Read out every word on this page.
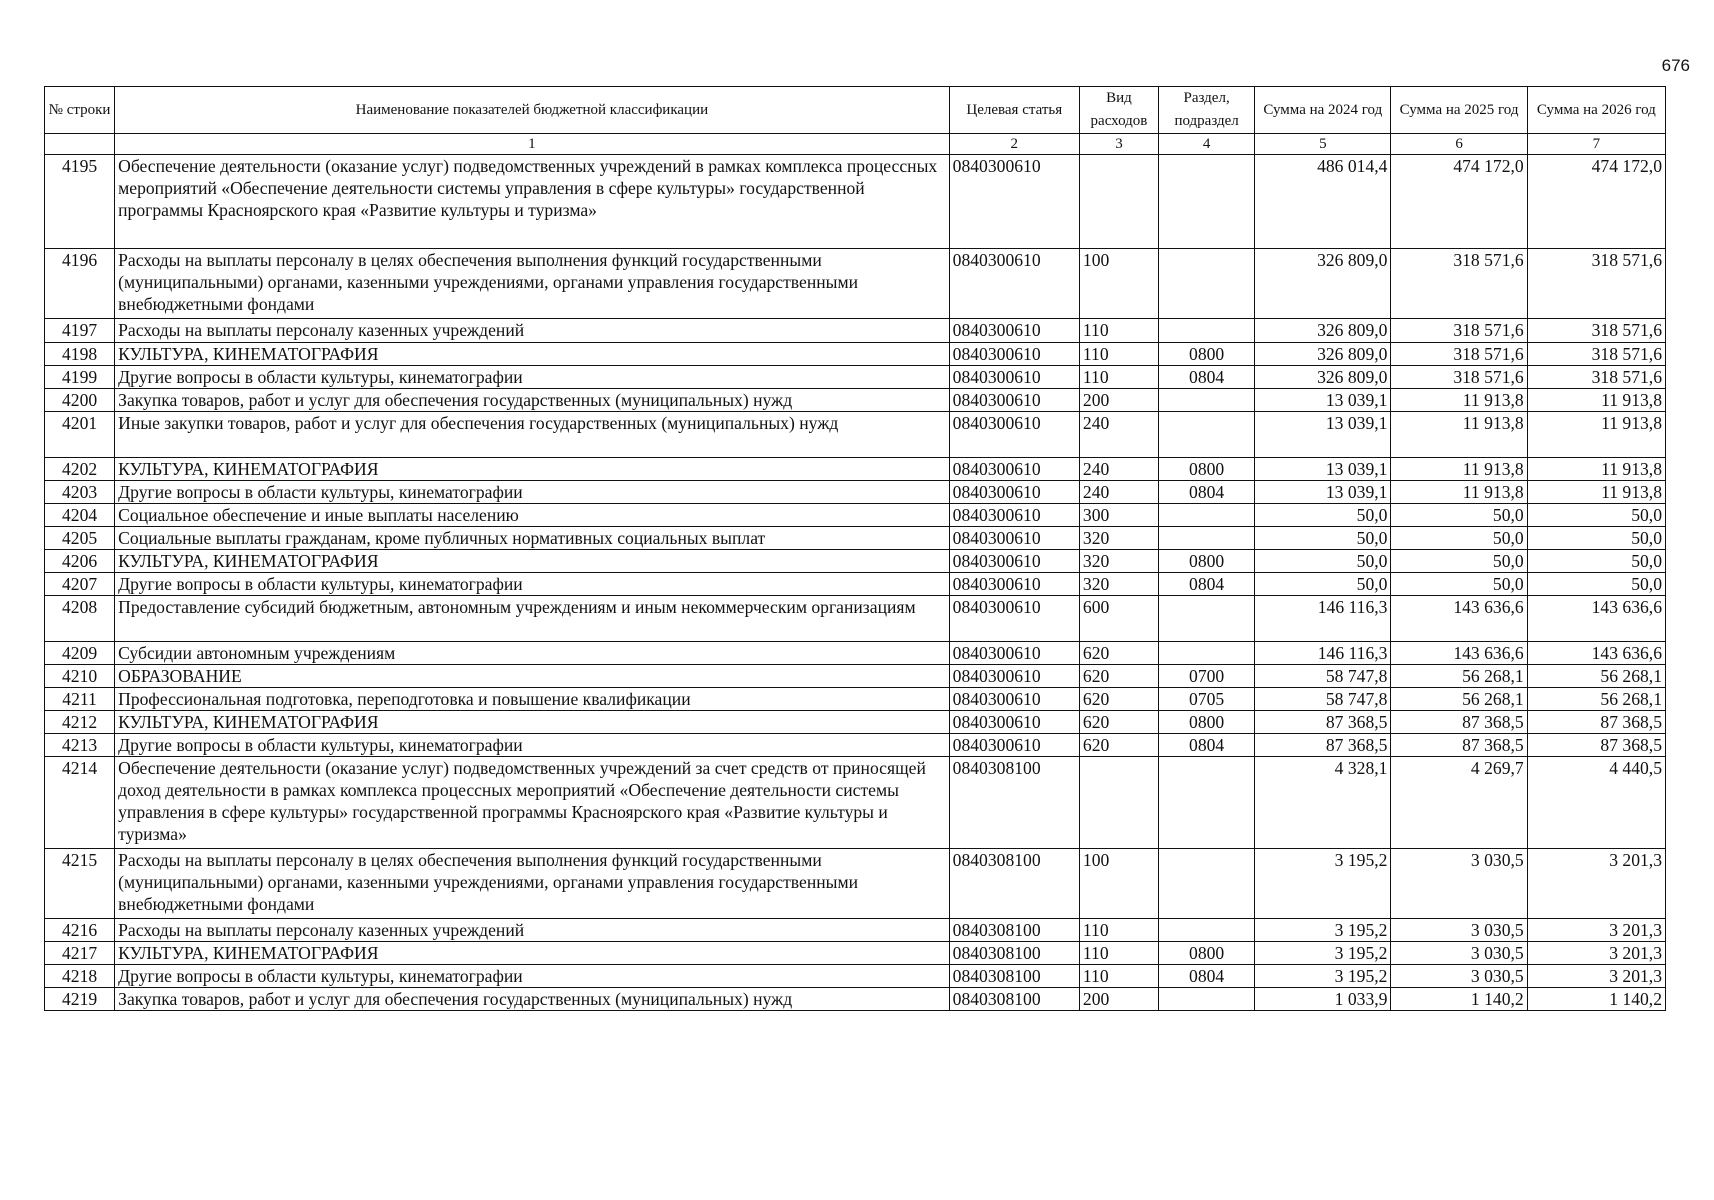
676
№ строки	Наименование показателей бюджетной классификации	Целевая статья	Вид расходов	Раздел, подраздел	Сумма на 2024 год	Сумма на 2025 год	Сумма на 2026 год
	1	2	3	4	5	6	7
4195	Обеспечение деятельности (оказание услуг) подведомственных учреждений в рамках комплекса процессных мероприятий «Обеспечение деятельности системы управления в сфере культуры» государственной программы Красноярского края «Развитие культуры и туризма»	0840300610			486 014,4	474 172,0	474 172,0
4196	Расходы на выплаты персоналу в целях обеспечения выполнения функций государственными (муниципальными) органами, казенными учреждениями, органами управления государственными внебюджетными фондами	0840300610	100		326 809,0	318 571,6	318 571,6
4197	Расходы на выплаты персоналу казенных учреждений	0840300610	110		326 809,0	318 571,6	318 571,6
4198	КУЛЬТУРА, КИНЕМАТОГРАФИЯ	0840300610	110	0800	326 809,0	318 571,6	318 571,6
4199	Другие вопросы в области культуры, кинематографии	0840300610	110	0804	326 809,0	318 571,6	318 571,6
4200	Закупка товаров, работ и услуг для обеспечения государственных (муниципальных) нужд	0840300610	200		13 039,1	11 913,8	11 913,8
4201	Иные закупки товаров, работ и услуг для обеспечения государственных (муниципальных) нужд	0840300610	240		13 039,1	11 913,8	11 913,8
4202	КУЛЬТУРА, КИНЕМАТОГРАФИЯ	0840300610	240	0800	13 039,1	11 913,8	11 913,8
4203	Другие вопросы в области культуры, кинематографии	0840300610	240	0804	13 039,1	11 913,8	11 913,8
4204	Социальное обеспечение и иные выплаты населению	0840300610	300		50,0	50,0	50,0
4205	Социальные выплаты гражданам, кроме публичных нормативных социальных выплат	0840300610	320		50,0	50,0	50,0
4206	КУЛЬТУРА, КИНЕМАТОГРАФИЯ	0840300610	320	0800	50,0	50,0	50,0
4207	Другие вопросы в области культуры, кинематографии	0840300610	320	0804	50,0	50,0	50,0
4208	Предоставление субсидий бюджетным, автономным учреждениям и иным некоммерческим организациям	0840300610	600		146 116,3	143 636,6	143 636,6
4209	Субсидии автономным учреждениям	0840300610	620		146 116,3	143 636,6	143 636,6
4210	ОБРАЗОВАНИЕ	0840300610	620	0700	58 747,8	56 268,1	56 268,1
4211	Профессиональная подготовка, переподготовка и повышение квалификации	0840300610	620	0705	58 747,8	56 268,1	56 268,1
4212	КУЛЬТУРА, КИНЕМАТОГРАФИЯ	0840300610	620	0800	87 368,5	87 368,5	87 368,5
4213	Другие вопросы в области культуры, кинематографии	0840300610	620	0804	87 368,5	87 368,5	87 368,5
4214	Обеспечение деятельности (оказание услуг) подведомственных учреждений за счет средств от приносящей доход деятельности в рамках комплекса процессных мероприятий «Обеспечение деятельности системы управления в сфере культуры» государственной программы Красноярского края «Развитие культуры и туризма»	0840308100			4 328,1	4 269,7	4 440,5
4215	Расходы на выплаты персоналу в целях обеспечения выполнения функций государственными (муниципальными) органами, казенными учреждениями, органами управления государственными внебюджетными фондами	0840308100	100		3 195,2	3 030,5	3 201,3
4216	Расходы на выплаты персоналу казенных учреждений	0840308100	110		3 195,2	3 030,5	3 201,3
4217	КУЛЬТУРА, КИНЕМАТОГРАФИЯ	0840308100	110	0800	3 195,2	3 030,5	3 201,3
4218	Другие вопросы в области культуры, кинематографии	0840308100	110	0804	3 195,2	3 030,5	3 201,3
4219	Закупка товаров, работ и услуг для обеспечения государственных (муниципальных) нужд	0840308100	200		1 033,9	1 140,2	1 140,2
